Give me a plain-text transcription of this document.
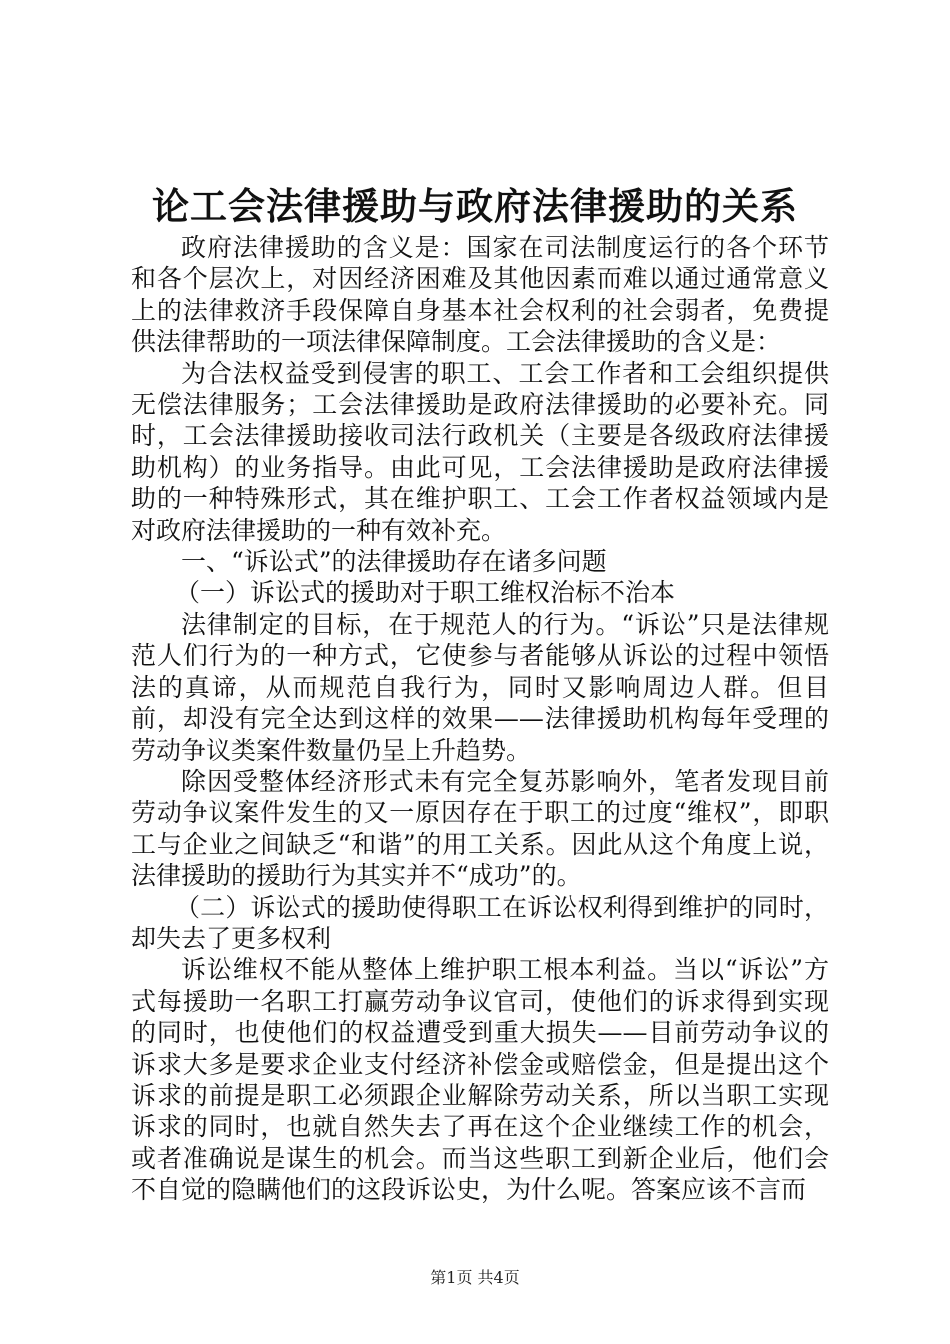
论工会法律援助与政府法律援助的关系

政府法律援助的含义是：国家在司法制度运行的各个环节和各个层次上，对因经济困难及其他因素而难以通过通常意义上的法律救济手段保障自身基本社会权利的社会弱者，免费提供法律帮助的一项法律保障制度。工会法律援助的含义是：

为合法权益受到侵害的职工、工会工作者和工会组织提供无偿法律服务；工会法律援助是政府法律援助的必要补充。同时，工会法律援助接收司法行政机关（主要是各级政府法律援助机构）的业务指导。由此可见，工会法律援助是政府法律援助的一种特殊形式，其在维护职工、工会工作者权益领域内是对政府法律援助的一种有效补充。

一、“诉讼式”的法律援助存在诸多问题

（一）诉讼式的援助对于职工维权治标不治本

法律制定的目标，在于规范人的行为。“诉讼”只是法律规范人们行为的一种方式，它使参与者能够从诉讼的过程中领悟法的真谛，从而规范自我行为，同时又影响周边人群。但目前，却没有完全达到这样的效果——法律援助机构每年受理的劳动争议类案件数量仍呈上升趋势。

除因受整体经济形式未有完全复苏影响外，笔者发现目前劳动争议案件发生的又一原因存在于职工的过度“维权”，即职工与企业之间缺乏“和谐”的用工关系。因此从这个角度上说，法律援助的援助行为其实并不“成功”的。

（二）诉讼式的援助使得职工在诉讼权利得到维护的同时，却失去了更多权利

诉讼维权不能从整体上维护职工根本利益。当以“诉讼”方式每援助一名职工打赢劳动争议官司，使他们的诉求得到实现的同时，也使他们的权益遭受到重大损失——目前劳动争议的诉求大多是要求企业支付经济补偿金或赔偿金，但是提出这个诉求的前提是职工必须跟企业解除劳动关系，所以当职工实现诉求的同时，也就自然失去了再在这个企业继续工作的机会，或者准确说是谋生的机会。而当这些职工到新企业后，他们会不自觉的隐瞒他们的这段诉讼史，为什么呢。答案应该不言而

第1页 共4页
